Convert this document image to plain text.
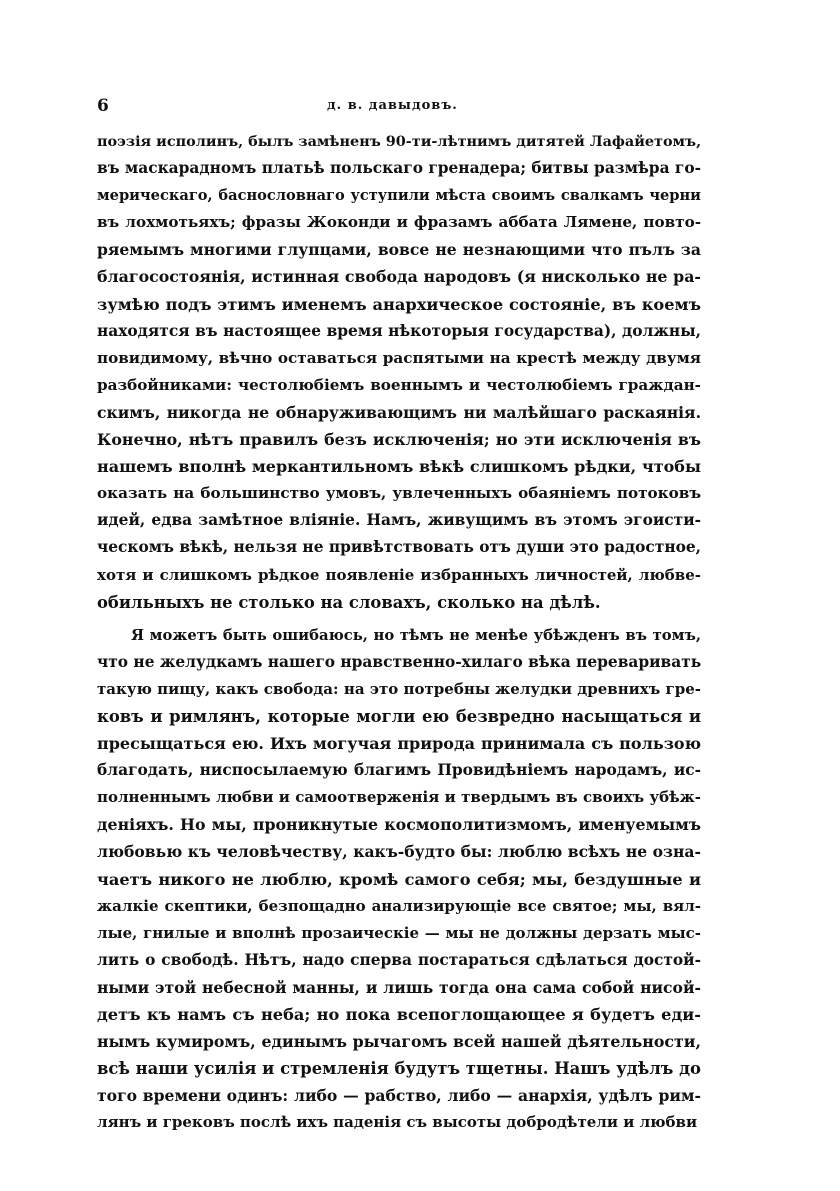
6	д. в. давыдовъ.
поэзія исполинъ, былъ замѣненъ 90-ти-лѣтнимъ дитятей Лафайетомъ,
въ маскарадномъ платьѣ польскаго гренадера; битвы размѣра го-
мерическаго, баснословнаго уступили мѣста своимъ свалкамъ черни
въ лохмотьяхъ; фразы Жоконди и фразамъ аббата Лямене, повто-
ряемымъ многими глупцами, вовсе не незнающими что пълъ за
благосостоянія, истинная свобода народовъ (я нисколько не ра-
зумѣю подъ этимъ именемъ анархическое состояніе, въ коемъ
находятся въ настоящее время нѣкоторыя государства), должны,
повидимому, вѣчно оставаться распятыми на крестѣ между двумя
разбойниками: честолюбіемъ военнымъ и честолюбіемъ граждан-
скимъ, никогда не обнаруживающимъ ни малѣйшаго раскаянія.
Конечно, нѣтъ правилъ безъ исключенія; но эти исключенія въ
нашемъ вполнѣ меркантильномъ вѣкѣ слишкомъ рѣдки, чтобы
оказать на большинство умовъ, увлеченныхъ обаяніемъ потоковъ
идей, едва замѣтное вліяніе. Намъ, живущимъ въ этомъ эгоисти-
ческомъ вѣкѣ, нельзя не привѣтствовать отъ души это радостное,
хотя и слишкомъ рѣдкое появленіе избранныхъ личностей, любве-
обильныхъ не столько на словахъ, сколько на дѣлѣ.
Я можетъ быть ошибаюсь, но тѣмъ не менѣе убѣжденъ въ томъ,
что не желудкамъ нашего нравственно-хилаго вѣка переваривать
такую пищу, какъ свобода: на это потребны желудки древнихъ гре-
ковъ и римлянъ, которые могли ею безвредно насыщаться и
пресыщаться ею. Ихъ могучая природа принимала съ пользою
благодать, ниспосылаемую благимъ Провидѣніемъ народамъ, ис-
полненнымъ любви и самоотверженія и твердымъ въ своихъ убѣж-
деніяхъ. Но мы, проникнутые космополитизмомъ, именуемымъ
любовью къ человѣчеству, какъ-будто бы: люблю всѣхъ не озна-
чаетъ никого не люблю, кромѣ самого себя; мы, бездушные и
жалкіе скептики, безпощадно анализирующіе все святое; мы, вял-
лые, гнилые и вполнѣ прозаическіе — мы не должны дерзать мыс-
лить о свободѣ. Нѣтъ, надо сперва постараться сдѣлаться достой-
ными этой небесной манны, и лишь тогда она сама собой нисой-
детъ къ намъ съ неба; но пока всепоглощающее я будетъ еди-
нымъ кумиромъ, единымъ рычагомъ всей нашей дѣятельности,
всѣ наши усилія и стремленія будутъ тщетны. Нашъ удѣлъ до
того времени одинъ: либо — рабство, либо — анархія, удѣлъ рим-
лянъ и грековъ послѣ ихъ паденія съ высоты добродѣтели и любви
